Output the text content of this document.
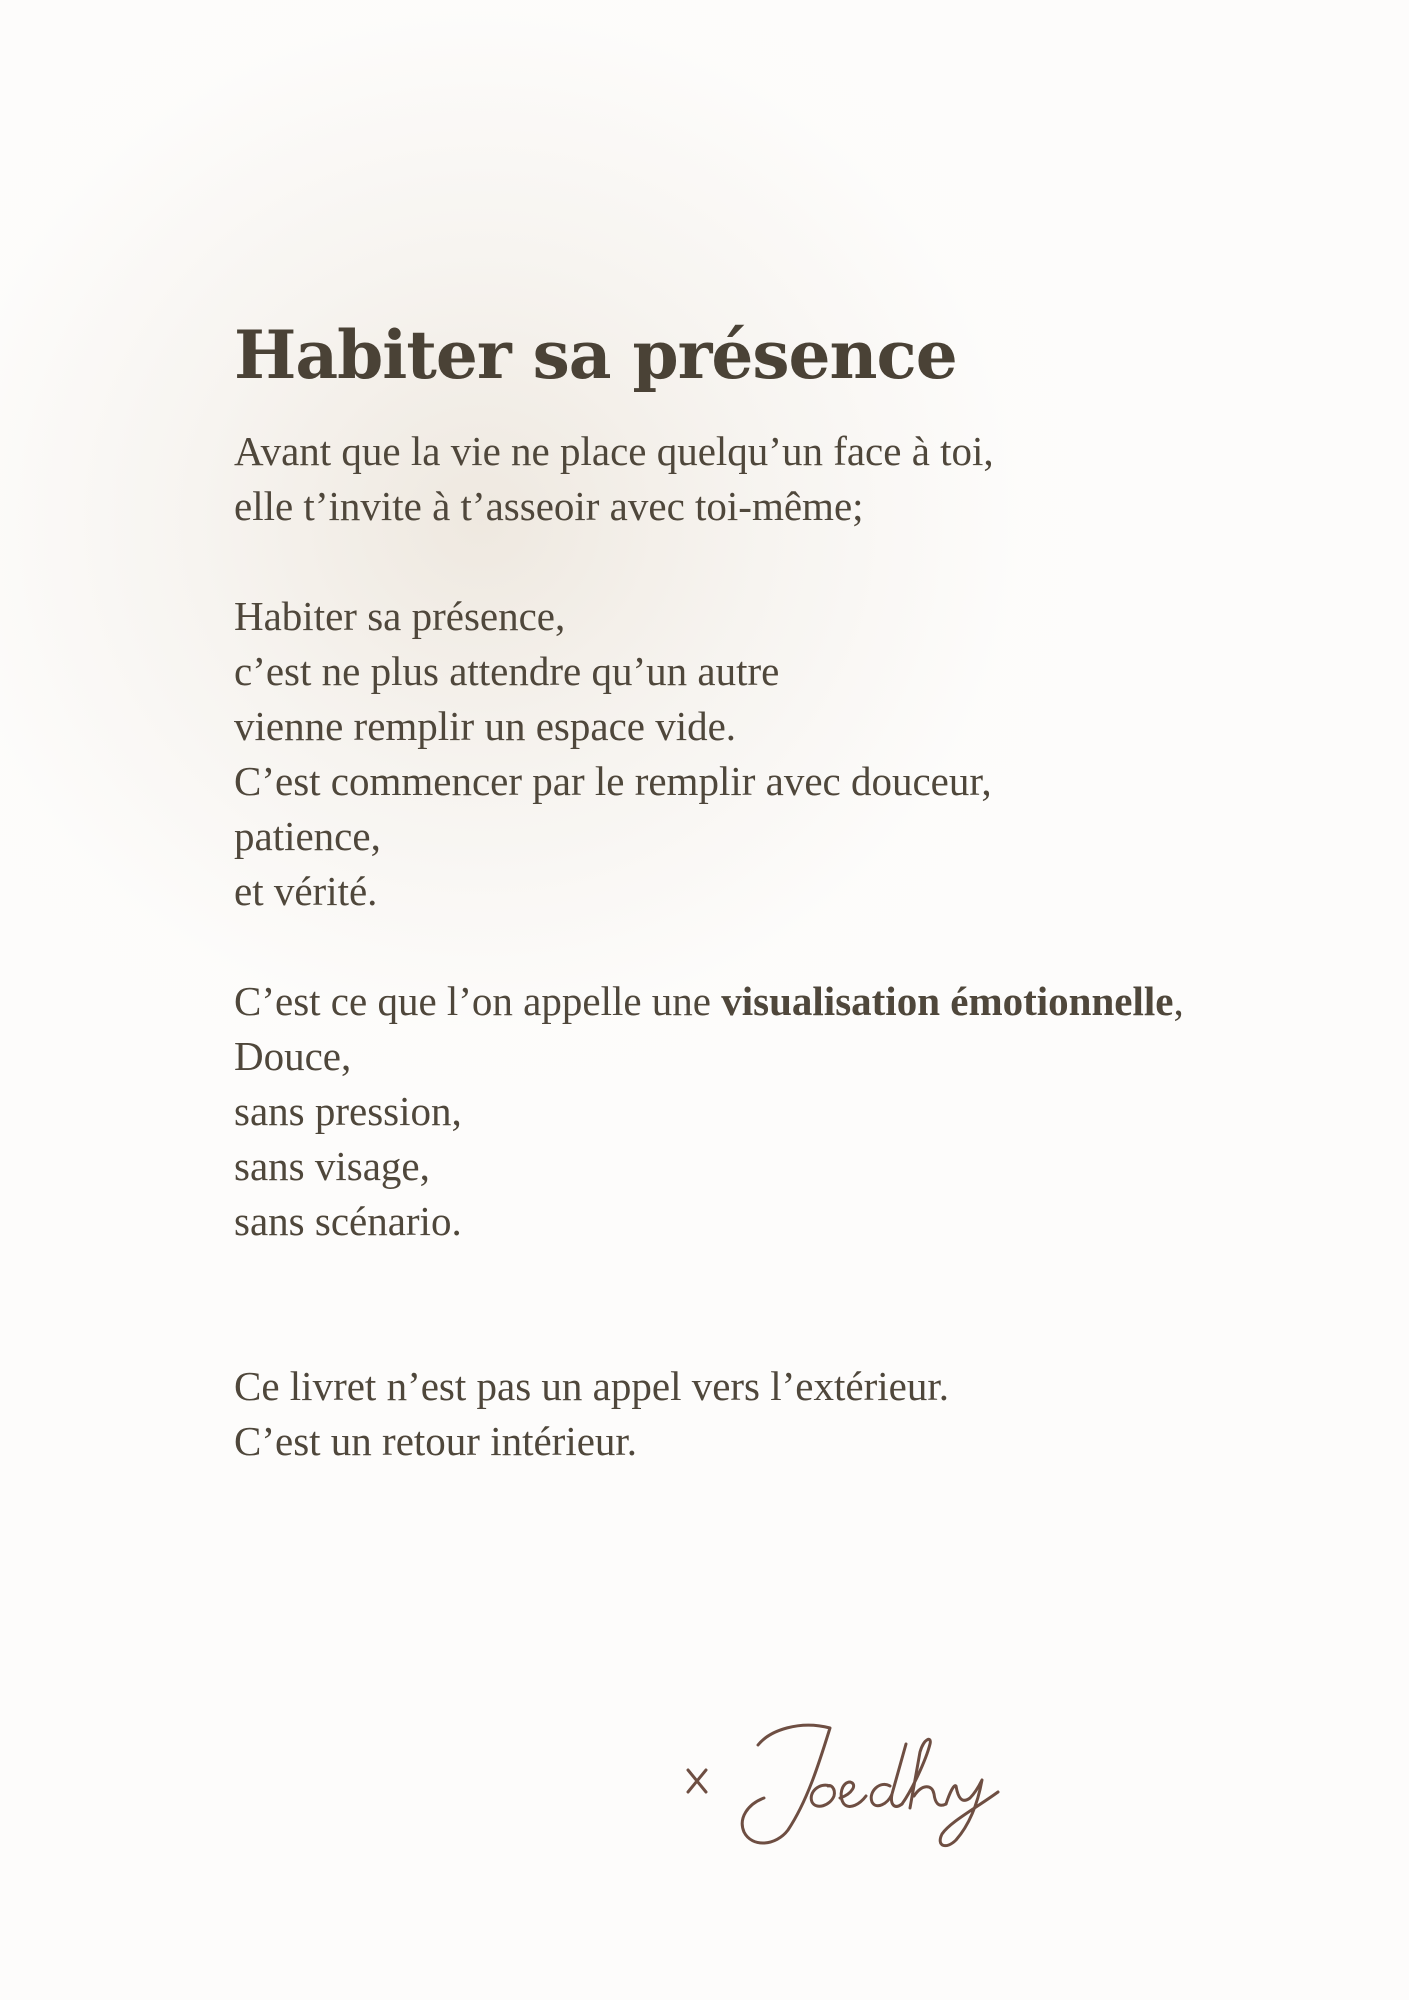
Habiter sa présence

Avant que la vie ne place quelqu’un face à toi,
elle t’invite à t’asseoir avec toi-même;

Habiter sa présence,
c’est ne plus attendre qu’un autre
vienne remplir un espace vide.
C’est commencer par le remplir avec douceur,
patience,
et vérité.

C’est ce que l’on appelle une visualisation émotionnelle,
Douce,
sans pression,
sans visage,
sans scénario.

Ce livret n’est pas un appel vers l’extérieur.
C’est un retour intérieur.
